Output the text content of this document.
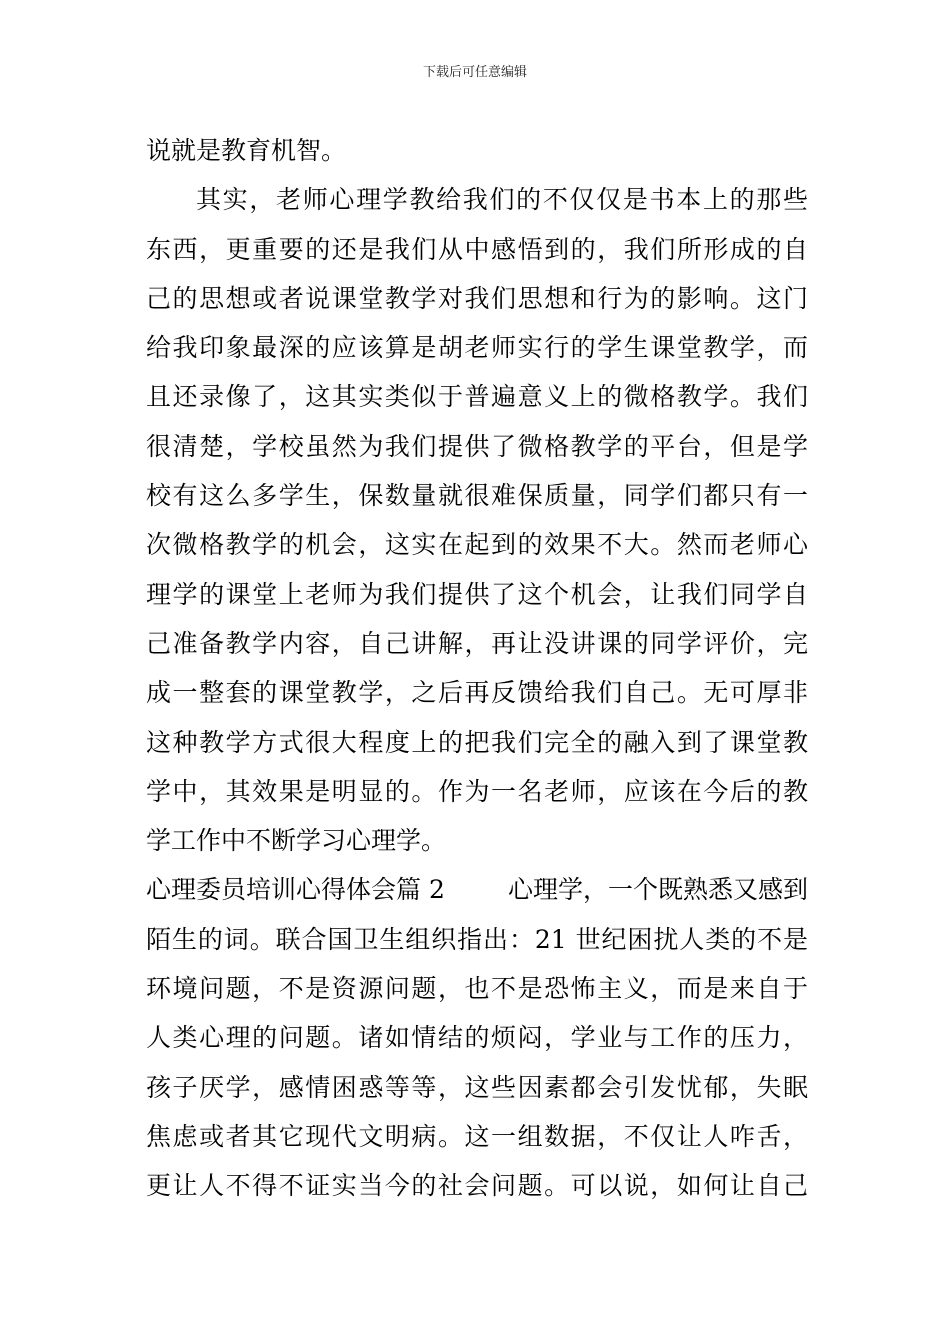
下载后可任意编辑
说就是教育机智。
其实，老师心理学教给我们的不仅仅是书本上的那些
东西，更重要的还是我们从中感悟到的，我们所形成的自
己的思想或者说课堂教学对我们思想和行为的影响。这门
给我印象最深的应该算是胡老师实行的学生课堂教学，而
且还录像了，这其实类似于普遍意义上的微格教学。我们
很清楚，学校虽然为我们提供了微格教学的平台，但是学
校有这么多学生，保数量就很难保质量，同学们都只有一
次微格教学的机会，这实在起到的效果不大。然而老师心
理学的课堂上老师为我们提供了这个机会，让我们同学自
己准备教学内容，自己讲解，再让没讲课的同学评价，完
成一整套的课堂教学，之后再反馈给我们自己。无可厚非
这种教学方式很大程度上的把我们完全的融入到了课堂教
学中，其效果是明显的。作为一名老师，应该在今后的教
学工作中不断学习心理学。
心理委员培训心得体会篇 2	心理学，一个既熟悉又感到
陌生的词。联合国卫生组织指出：21 世纪困扰人类的不是
环境问题，不是资源问题，也不是恐怖主义，而是来自于
人类心理的问题。诸如情结的烦闷，学业与工作的压力，
孩子厌学，感情困惑等等，这些因素都会引发忧郁，失眠
焦虑或者其它现代文明病。这一组数据，不仅让人咋舌，
更让人不得不证实当今的社会问题。可以说，如何让自己
